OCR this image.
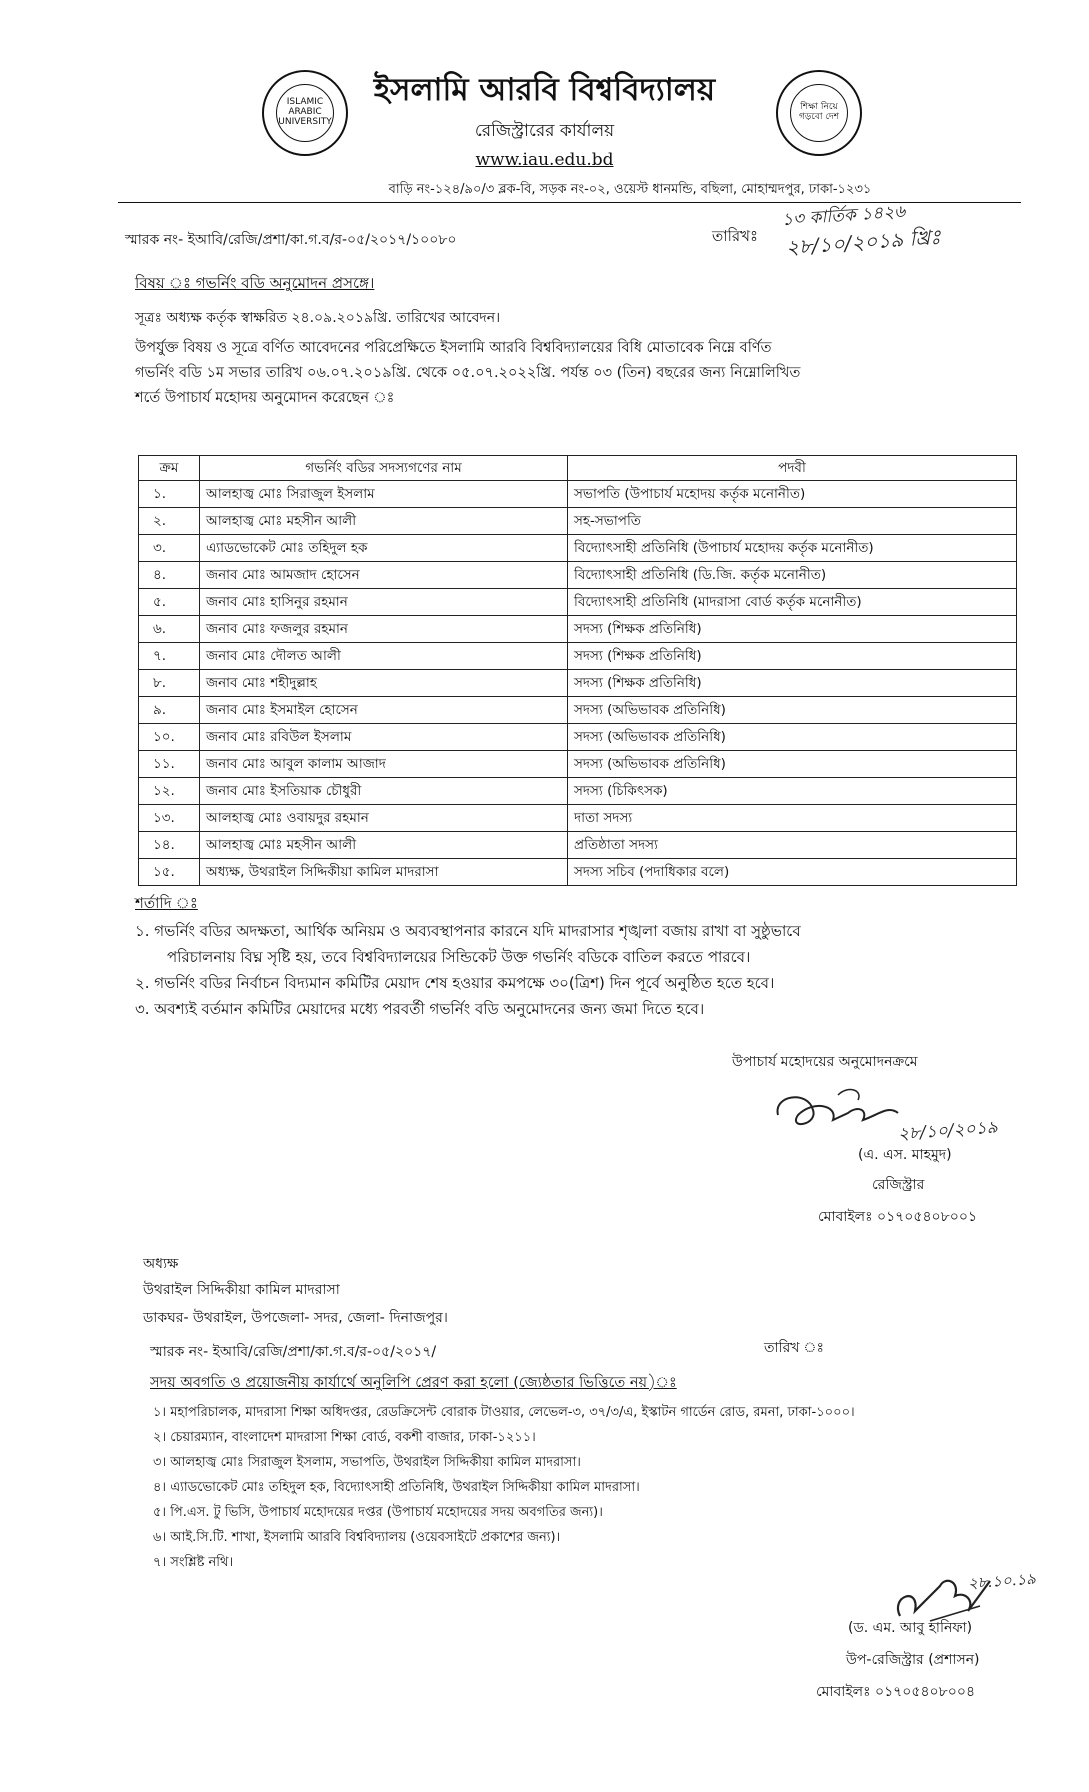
ISLAMIC ARABIC UNIVERSITY
শিক্ষা নিয়ে গড়বো দেশ
ইসলামি আরবি বিশ্ববিদ্যালয়
রেজিস্ট্রারের কার্যালয়
www.iau.edu.bd
বাড়ি নং-১২৪/৯০/৩ ব্লক-বি, সড়ক নং-০২, ওয়েস্ট ধানমন্ডি, বছিলা, মোহাম্মদপুর, ঢাকা-১২৩১
স্মারক নং- ইআবি/রেজি/প্রশা/কা.গ.ব/র-০৫/২০১৭/১০০৮০	তারিখঃ
১৩ কার্তিক ১৪২৬
২৮/১০/২০১৯ খ্রিঃ
বিষয় ঃ গভর্নিং বডি অনুমোদন প্রসঙ্গে।
সূত্রঃ অধ্যক্ষ কর্তৃক স্বাক্ষরিত ২৪.০৯.২০১৯খ্রি. তারিখের আবেদন।
উপর্যুক্ত বিষয় ও সূত্রে বর্ণিত আবেদনের পরিপ্রেক্ষিতে ইসলামি আরবি বিশ্ববিদ্যালয়ের বিধি মোতাবেক নিম্নে বর্ণিত
গভর্নিং বডি ১ম সভার তারিখ ০৬.০৭.২০১৯খ্রি. থেকে ০৫.০৭.২০২২খ্রি. পর্যন্ত ০৩ (তিন) বছরের জন্য নিম্নোলিখিত
শর্তে উপাচার্য মহোদয় অনুমোদন করেছেন ঃ
ক্রম	গভর্নিং বডির সদস্যগণের নাম	পদবী
১.	আলহাজ্ব মোঃ সিরাজুল ইসলাম	সভাপতি (উপাচার্য মহোদয় কর্তৃক মনোনীত)
২.	আলহাজ্ব মোঃ মহসীন আলী	সহ-সভাপতি
৩.	এ্যাডভোকেট মোঃ তহিদুল হক	বিদ্যোৎসাহী প্রতিনিধি (উপাচার্য মহোদয় কর্তৃক মনোনীত)
৪.	জনাব মোঃ আমজাদ হোসেন	বিদ্যোৎসাহী প্রতিনিধি (ডি.জি. কর্তৃক মনোনীত)
৫.	জনাব মোঃ হাসিনুর রহমান	বিদ্যোৎসাহী প্রতিনিধি (মাদরাসা বোর্ড কর্তৃক মনোনীত)
৬.	জনাব মোঃ ফজলুর রহমান	সদস্য (শিক্ষক প্রতিনিধি)
৭.	জনাব মোঃ দৌলত আলী	সদস্য (শিক্ষক প্রতিনিধি)
৮.	জনাব মোঃ শহীদুল্লাহ	সদস্য (শিক্ষক প্রতিনিধি)
৯.	জনাব মোঃ ইসমাইল হোসেন	সদস্য (অভিভাবক প্রতিনিধি)
১০.	জনাব মোঃ রবিউল ইসলাম	সদস্য (অভিভাবক প্রতিনিধি)
১১.	জনাব মোঃ আবুল কালাম আজাদ	সদস্য (অভিভাবক প্রতিনিধি)
১২.	জনাব মোঃ ইসতিয়াক চৌধুরী	সদস্য (চিকিৎসক)
১৩.	আলহাজ্ব মোঃ ওবায়দুর রহমান	দাতা সদস্য
১৪.	আলহাজ্ব মোঃ মহসীন আলী	প্রতিষ্ঠাতা সদস্য
১৫.	অধ্যক্ষ, উথরাইল সিদ্দিকীয়া কামিল মাদরাসা	সদস্য সচিব (পদাধিকার বলে)
শর্তাদি ঃ
১. গভর্নিং বডির অদক্ষতা, আর্থিক অনিয়ম ও অব্যবস্থাপনার কারনে যদি মাদরাসার শৃঙ্খলা বজায় রাখা বা সুষ্ঠুভাবে
পরিচালনায় বিঘ্ন সৃষ্টি হয়, তবে বিশ্ববিদ্যালয়ের সিন্ডিকেট উক্ত গভর্নিং বডিকে বাতিল করতে পারবে।
২. গভর্নিং বডির নির্বাচন বিদ্যমান কমিটির মেয়াদ শেষ হওয়ার কমপক্ষে ৩০(ত্রিশ) দিন পূর্বে অনুষ্ঠিত হতে হবে।
৩. অবশ্যই বর্তমান কমিটির মেয়াদের মধ্যে পরবর্তী গভর্নিং বডি অনুমোদনের জন্য জমা দিতে হবে।
উপাচার্য মহোদয়ের অনুমোদনক্রমে
২৮/১০/২০১৯
(এ. এস. মাহমুদ)
রেজিস্ট্রার
মোবাইলঃ ০১৭০৫৪০৮০০১
অধ্যক্ষ
উথরাইল সিদ্দিকীয়া কামিল মাদরাসা
ডাকঘর- উথরাইল, উপজেলা- সদর, জেলা- দিনাজপুর।
স্মারক নং- ইআবি/রেজি/প্রশা/কা.গ.ব/র-০৫/২০১৭/	তারিখ ঃ
সদয় অবগতি ও প্রয়োজনীয় কার্যার্থে অনুলিপি প্রেরণ করা হলো (জ্যেষ্ঠতার ভিত্তিতে নয়)ঃ
১। মহাপরিচালক, মাদরাসা শিক্ষা অধিদপ্তর, রেডক্রিসেন্ট বোরাক টাওয়ার, লেভেল-৩, ৩৭/৩/এ, ইস্কাটন গার্ডেন রোড, রমনা, ঢাকা-১০০০।
২। চেয়ারম্যান, বাংলাদেশ মাদরাসা শিক্ষা বোর্ড, বকশী বাজার, ঢাকা-১২১১।
৩। আলহাজ্ব মোঃ সিরাজুল ইসলাম, সভাপতি, উথরাইল সিদ্দিকীয়া কামিল মাদরাসা।
৪। এ্যাডভোকেট মোঃ তহিদুল হক, বিদ্যোৎসাহী প্রতিনিধি, উথরাইল সিদ্দিকীয়া কামিল মাদরাসা।
৫। পি.এস. টু ভিসি, উপাচার্য মহোদয়ের দপ্তর (উপাচার্য মহোদয়ের সদয় অবগতির জন্য)।
৬। আই.সি.টি. শাখা, ইসলামি আরবি বিশ্ববিদ্যালয় (ওয়েবসাইটে প্রকাশের জন্য)।
৭। সংশ্লিষ্ট নথি।
২৮.১০.১৯
(ড. এম. আবু হানিফা)
উপ-রেজিস্ট্রার (প্রশাসন)
মোবাইলঃ ০১৭০৫৪০৮০০৪
